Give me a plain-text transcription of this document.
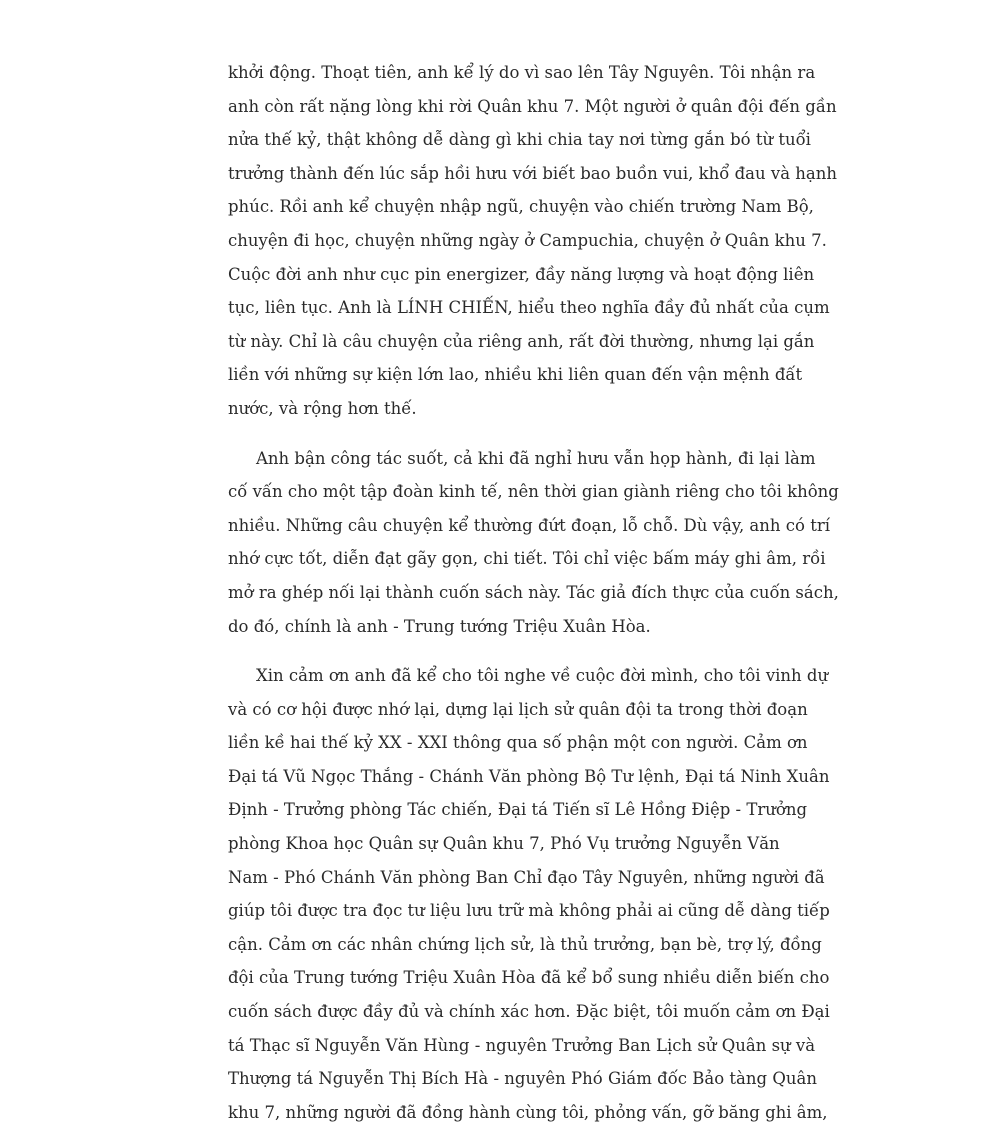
khởi động. Thoạt tiên, anh kể lý do vì sao lên Tây Nguyên. Tôi nhận ra
anh còn rất nặng lòng khi rời Quân khu 7. Một người ở quân đội đến gần
nửa thế kỷ, thật không dễ dàng gì khi chia tay nơi từng gắn bó từ tuổi
trưởng thành đến lúc sắp hồi hưu với biết bao buồn vui, khổ đau và hạnh
phúc. Rồi anh kể chuyện nhập ngũ, chuyện vào chiến trường Nam Bộ,
chuyện đi học, chuyện những ngày ở Campuchia, chuyện ở Quân khu 7.
Cuộc đời anh như cục pin energizer, đầy năng lượng và hoạt động liên
tục, liên tục. Anh là LÍNH CHIẾN, hiểu theo nghĩa đầy đủ nhất của cụm
từ này. Chỉ là câu chuyện của riêng anh, rất đời thường, nhưng lại gắn
liền với những sự kiện lớn lao, nhiều khi liên quan đến vận mệnh đất
nước, và rộng hơn thế.

Anh bận công tác suốt, cả khi đã nghỉ hưu vẫn họp hành, đi lại làm
cố vấn cho một tập đoàn kinh tế, nên thời gian giành riêng cho tôi không
nhiều. Những câu chuyện kể thường đứt đoạn, lỗ chỗ. Dù vậy, anh có trí
nhớ cực tốt, diễn đạt gãy gọn, chi tiết. Tôi chỉ việc bấm máy ghi âm, rồi
mở ra ghép nối lại thành cuốn sách này. Tác giả đích thực của cuốn sách,
do đó, chính là anh - Trung tướng Triệu Xuân Hòa.

Xin cảm ơn anh đã kể cho tôi nghe về cuộc đời mình, cho tôi vinh dự
và có cơ hội được nhớ lại, dựng lại lịch sử quân đội ta trong thời đoạn
liền kề hai thế kỷ XX - XXI thông qua số phận một con người. Cảm ơn
Đại tá Vũ Ngọc Thắng - Chánh Văn phòng Bộ Tư lệnh, Đại tá Ninh Xuân
Định - Trưởng phòng Tác chiến, Đại tá Tiến sĩ Lê Hồng Điệp - Trưởng
phòng Khoa học Quân sự Quân khu 7, Phó Vụ trưởng Nguyễn Văn
Nam - Phó Chánh Văn phòng Ban Chỉ đạo Tây Nguyên, những người đã
giúp tôi được tra đọc tư liệu lưu trữ mà không phải ai cũng dễ dàng tiếp
cận. Cảm ơn các nhân chứng lịch sử, là thủ trưởng, bạn bè, trợ lý, đồng
đội của Trung tướng Triệu Xuân Hòa đã kể bổ sung nhiều diễn biến cho
cuốn sách được đầy đủ và chính xác hơn. Đặc biệt, tôi muốn cảm ơn Đại
tá Thạc sĩ Nguyễn Văn Hùng - nguyên Trưởng Ban Lịch sử Quân sự và
Thượng tá Nguyễn Thị Bích Hà - nguyên Phó Giám đốc Bảo tàng Quân
khu 7, những người đã đồng hành cùng tôi, phỏng vấn, gỡ băng ghi âm,
